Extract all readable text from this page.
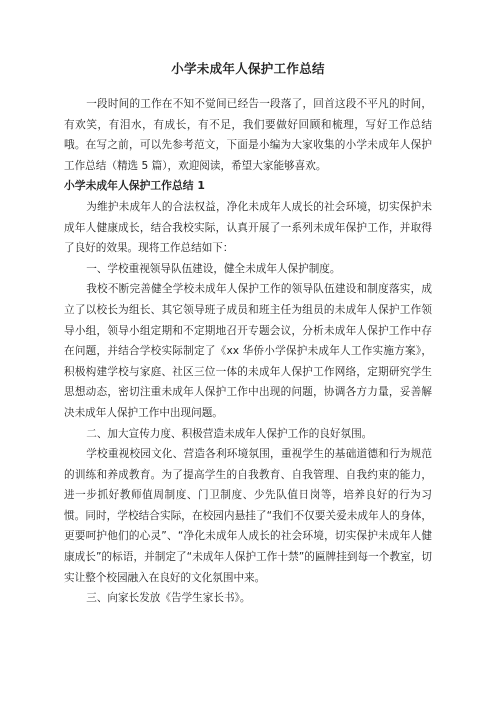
小学未成年人保护工作总结

一段时间的工作在不知不觉间已经告一段落了，回首这段不平凡的时间，有欢笑，有泪水，有成长，有不足，我们要做好回顾和梳理，写好工作总结哦。在写之前，可以先参考范文，下面是小编为大家收集的小学未成年人保护工作总结（精选 5 篇），欢迎阅读，希望大家能够喜欢。

小学未成年人保护工作总结 1

为维护未成年人的合法权益，净化未成年人成长的社会环境，切实保护未成年人健康成长，结合我校实际，认真开展了一系列未成年保护工作，并取得了良好的效果。现将工作总结如下：

一、学校重视领导队伍建设，健全未成年人保护制度。

我校不断完善健全学校未成年人保护工作的领导队伍建设和制度落实，成立了以校长为组长、其它领导班子成员和班主任为组员的未成年人保护工作领导小组，领导小组定期和不定期地召开专题会议，分析未成年人保护工作中存在问题，并结合学校实际制定了《xx 华侨小学保护未成年人工作实施方案》，积极构建学校与家庭、社区三位一体的未成年人保护工作网络，定期研究学生思想动态，密切注重未成年人保护工作中出现的问题，协调各方力量，妥善解决未成年人保护工作中出现问题。

二、加大宣传力度、积极营造未成年人保护工作的良好氛围。

学校重视校园文化、营造各利环境氛围，重视学生的基础道德和行为规范的训练和养成教育。为了提高学生的自我教育、自我管理、自我约束的能力，进一步抓好教师值周制度、门卫制度、少先队值日岗等，培养良好的行为习惯。同时，学校结合实际，在校园内悬挂了“我们不仅要关爱未成年人的身体，更要呵护他们的心灵”、“净化未成年人成长的社会环境，切实保护未成年人健康成长”的标语，并制定了“未成年人保护工作十禁”的匾牌挂到每一个教室，切实让整个校园融入在良好的文化氛围中来。

三、向家长发放《告学生家长书》。
